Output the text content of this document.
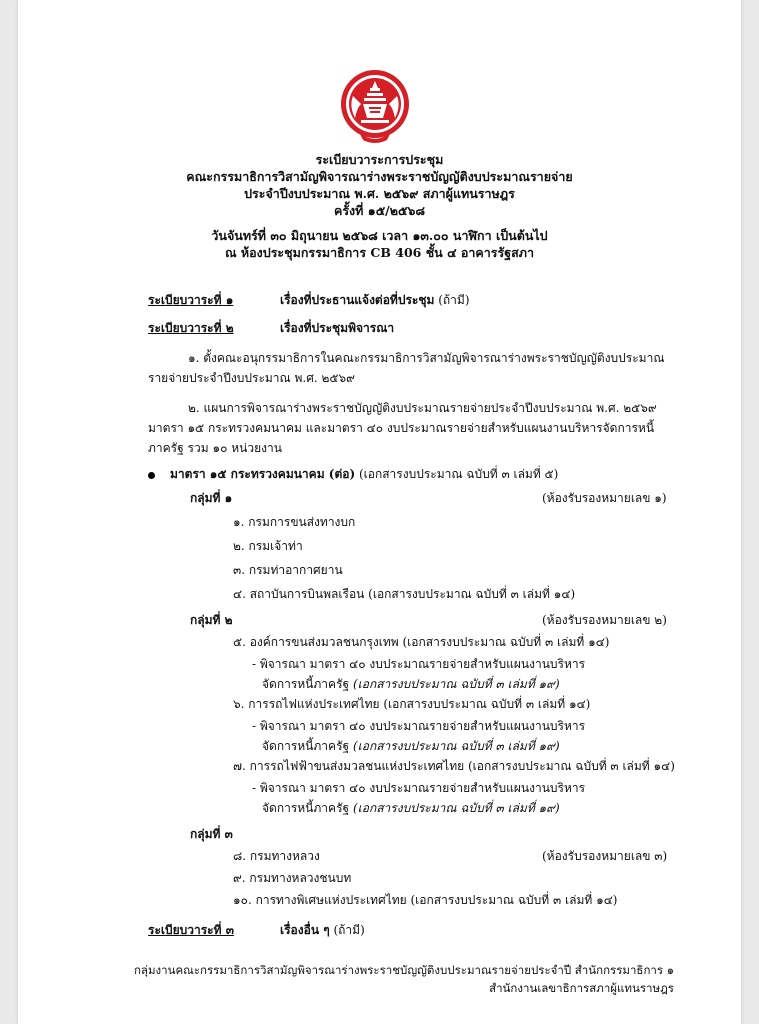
ระเบียบวาระการประชุม
คณะกรรมาธิการวิสามัญพิจารณาร่างพระราชบัญญัติงบประมาณรายจ่าย
ประจำปีงบประมาณ พ.ศ. ๒๕๖๙ สภาผู้แทนราษฎร
ครั้งที่ ๑๕/๒๕๖๘
วันจันทร์ที่ ๓๐ มิถุนายน ๒๕๖๘ เวลา ๑๓.๐๐ นาฬิกา เป็นต้นไป
ณ ห้องประชุมกรรมาธิการ CB 406 ชั้น ๔ อาคารรัฐสภา
ระเบียบวาระที่ ๑	เรื่องที่ประธานแจ้งต่อที่ประชุม (ถ้ามี)
ระเบียบวาระที่ ๒	เรื่องที่ประชุมพิจารณา
๑. ตั้งคณะอนุกรรมาธิการในคณะกรรมาธิการวิสามัญพิจารณาร่างพระราชบัญญัติงบประมาณ
รายจ่ายประจำปีงบประมาณ พ.ศ. ๒๕๖๙
๒. แผนการพิจารณาร่างพระราชบัญญัติงบประมาณรายจ่ายประจำปีงบประมาณ พ.ศ. ๒๕๖๙
มาตรา ๑๕ กระทรวงคมนาคม และมาตรา ๔๐ งบประมาณรายจ่ายสำหรับแผนงานบริหารจัดการหนี้
ภาครัฐ รวม ๑๐ หน่วยงาน
มาตรา ๑๕ กระทรวงคมนาคม (ต่อ) (เอกสารงบประมาณ ฉบับที่ ๓ เล่มที่ ๕)
กลุ่มที่ ๑	(ห้องรับรองหมายเลข ๑)
๑. กรมการขนส่งทางบก
๒. กรมเจ้าท่า
๓. กรมท่าอากาศยาน
๔. สถาบันการบินพลเรือน (เอกสารงบประมาณ ฉบับที่ ๓ เล่มที่ ๑๔)
กลุ่มที่ ๒	(ห้องรับรองหมายเลข ๒)
๕. องค์การขนส่งมวลชนกรุงเทพ (เอกสารงบประมาณ ฉบับที่ ๓ เล่มที่ ๑๔)
- พิจารณา มาตรา ๔๐ งบประมาณรายจ่ายสำหรับแผนงานบริหาร
จัดการหนี้ภาครัฐ (เอกสารงบประมาณ ฉบับที่ ๓ เล่มที่ ๑๙)
๖. การรถไฟแห่งประเทศไทย (เอกสารงบประมาณ ฉบับที่ ๓ เล่มที่ ๑๔)
- พิจารณา มาตรา ๔๐ งบประมาณรายจ่ายสำหรับแผนงานบริหาร
จัดการหนี้ภาครัฐ (เอกสารงบประมาณ ฉบับที่ ๓ เล่มที่ ๑๙)
๗. การรถไฟฟ้าขนส่งมวลชนแห่งประเทศไทย (เอกสารงบประมาณ ฉบับที่ ๓ เล่มที่ ๑๔)
- พิจารณา มาตรา ๔๐ งบประมาณรายจ่ายสำหรับแผนงานบริหาร
จัดการหนี้ภาครัฐ (เอกสารงบประมาณ ฉบับที่ ๓ เล่มที่ ๑๙)
กลุ่มที่ ๓
๘. กรมทางหลวง	(ห้องรับรองหมายเลข ๓)
๙. กรมทางหลวงชนบท
๑๐. การทางพิเศษแห่งประเทศไทย (เอกสารงบประมาณ ฉบับที่ ๓ เล่มที่ ๑๔)
ระเบียบวาระที่ ๓	เรื่องอื่น ๆ (ถ้ามี)
กลุ่มงานคณะกรรมาธิการวิสามัญพิจารณาร่างพระราชบัญญัติงบประมาณรายจ่ายประจำปี สำนักกรรมาธิการ ๑
สำนักงานเลขาธิการสภาผู้แทนราษฎร
